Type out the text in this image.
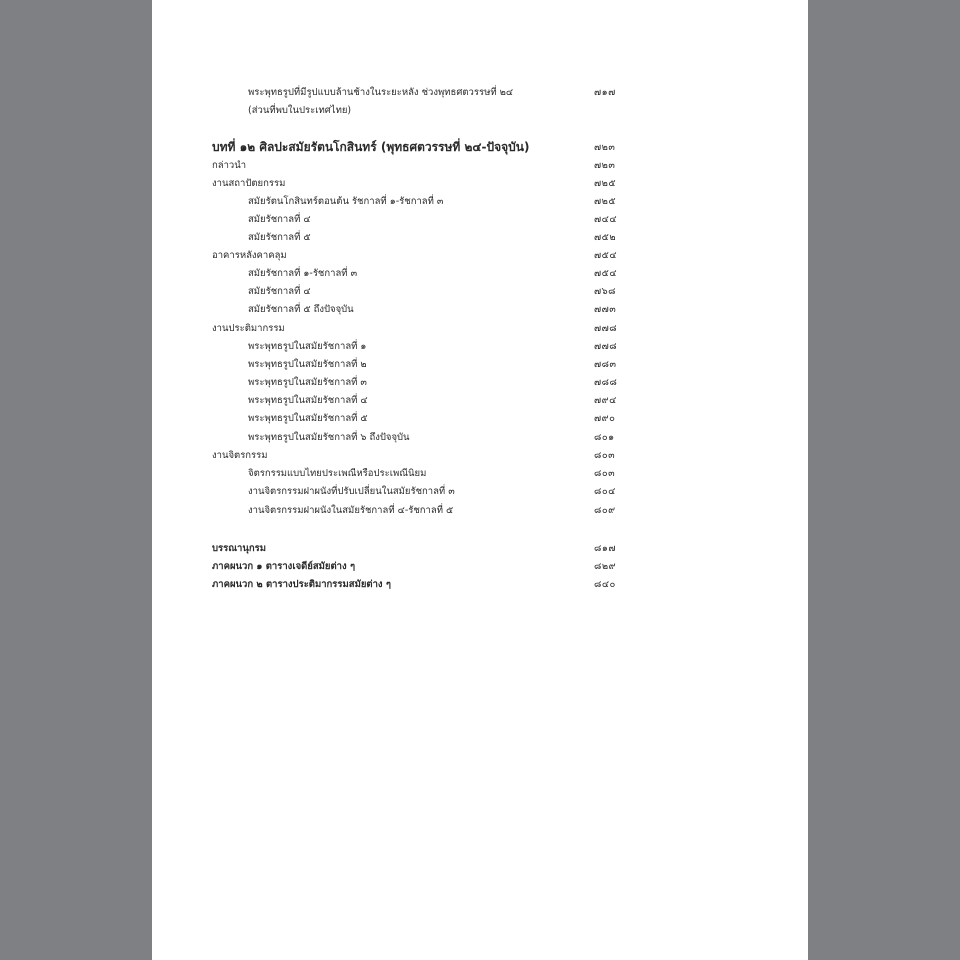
พระพุทธรูปที่มีรูปแบบล้านช้างในระยะหลัง ช่วงพุทธศตวรรษที่ ๒๔	๗๑๗
(ส่วนที่พบในประเทศไทย)
บทที่ ๑๒ ศิลปะสมัยรัตนโกสินทร์ (พุทธศตวรรษที่ ๒๔-ปัจจุบัน)	๗๒๓
กล่าวนำ	๗๒๓
งานสถาปัตยกรรม	๗๒๕
สมัยรัตนโกสินทร์ตอนต้น รัชกาลที่ ๑-รัชกาลที่ ๓	๗๒๕
สมัยรัชกาลที่ ๔	๗๔๔
สมัยรัชกาลที่ ๕	๗๕๒
อาคารหลังคาคลุม	๗๕๔
สมัยรัชกาลที่ ๑-รัชกาลที่ ๓	๗๕๔
สมัยรัชกาลที่ ๔	๗๖๘
สมัยรัชกาลที่ ๕ ถึงปัจจุบัน	๗๗๓
งานประติมากรรม	๗๗๘
พระพุทธรูปในสมัยรัชกาลที่ ๑	๗๗๘
พระพุทธรูปในสมัยรัชกาลที่ ๒	๗๘๓
พระพุทธรูปในสมัยรัชกาลที่ ๓	๗๘๘
พระพุทธรูปในสมัยรัชกาลที่ ๔	๗๙๔
พระพุทธรูปในสมัยรัชกาลที่ ๕	๗๙๐
พระพุทธรูปในสมัยรัชกาลที่ ๖ ถึงปัจจุบัน	๘๐๑
งานจิตรกรรม	๘๐๓
จิตรกรรมแบบไทยประเพณีหรือประเพณีนิยม	๘๐๓
งานจิตรกรรมฝาผนังที่ปรับเปลี่ยนในสมัยรัชกาลที่ ๓	๘๐๔
งานจิตรกรรมฝาผนังในสมัยรัชกาลที่ ๔-รัชกาลที่ ๕	๘๐๙
บรรณานุกรม	๘๑๗
ภาคผนวก ๑ ตารางเจดีย์สมัยต่าง ๆ	๘๒๙
ภาคผนวก ๒ ตารางประติมากรรมสมัยต่าง ๆ	๘๔๐
